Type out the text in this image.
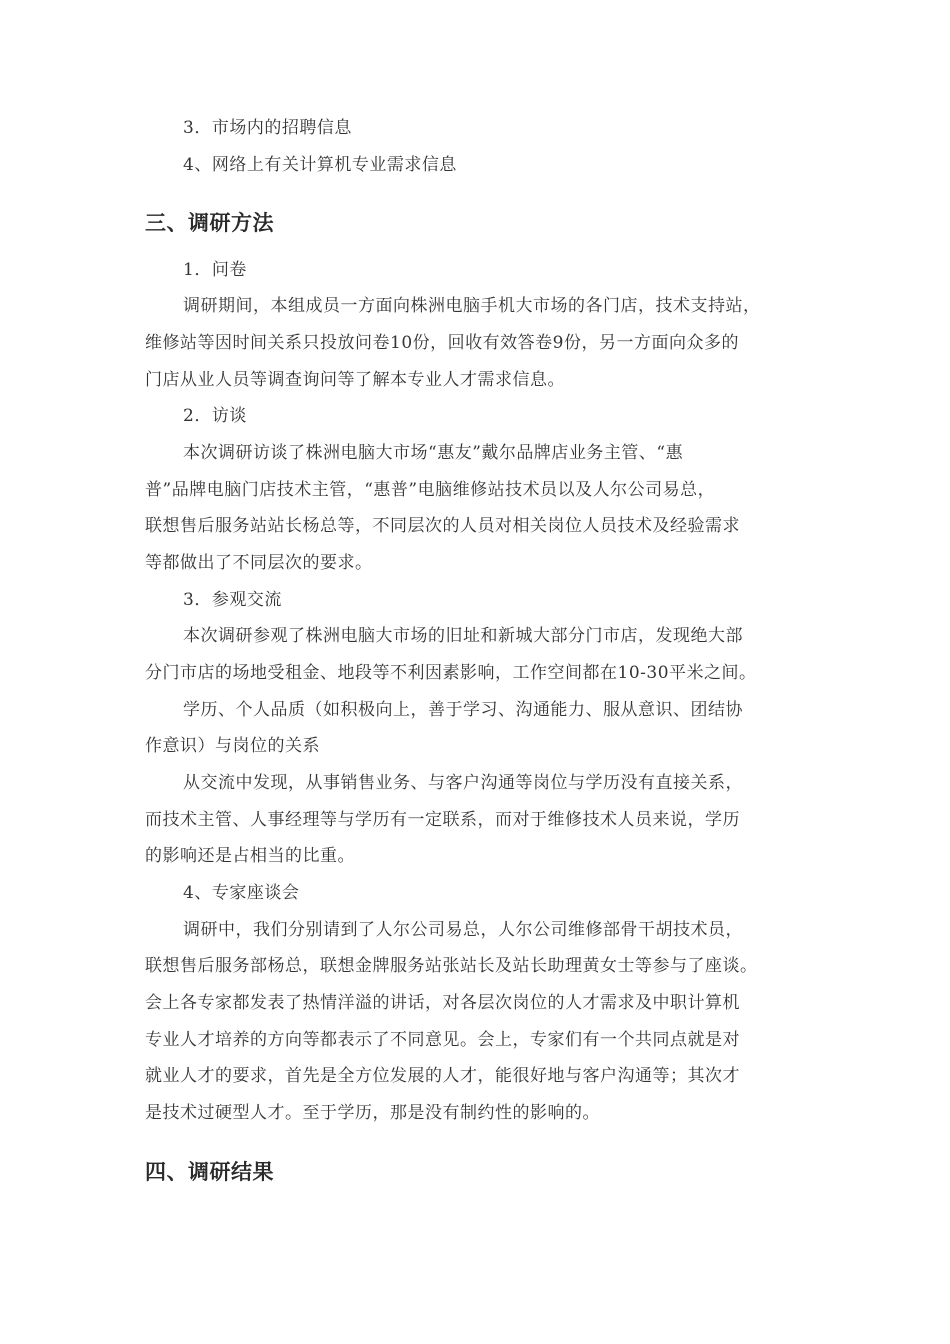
3．市场内的招聘信息
4、网络上有关计算机专业需求信息
三、调研方法
1．问卷
调研期间，本组成员一方面向株洲电脑手机大市场的各门店，技术支持站，
维修站等因时间关系只投放问卷10份，回收有效答卷9份，另一方面向众多的
门店从业人员等调查询问等了解本专业人才需求信息。
2．访谈
本次调研访谈了株洲电脑大市场“惠友”戴尔品牌店业务主管、“惠
普”品牌电脑门店技术主管，“惠普”电脑维修站技术员以及人尔公司易总，
联想售后服务站站长杨总等，不同层次的人员对相关岗位人员技术及经验需求
等都做出了不同层次的要求。
3．参观交流
本次调研参观了株洲电脑大市场的旧址和新城大部分门市店，发现绝大部
分门市店的场地受租金、地段等不利因素影响，工作空间都在10-30平米之间。
学历、个人品质（如积极向上，善于学习、沟通能力、服从意识、团结协
作意识）与岗位的关系
从交流中发现，从事销售业务、与客户沟通等岗位与学历没有直接关系，
而技术主管、人事经理等与学历有一定联系，而对于维修技术人员来说，学历
的影响还是占相当的比重。
4、专家座谈会
调研中，我们分别请到了人尔公司易总，人尔公司维修部骨干胡技术员，
联想售后服务部杨总，联想金牌服务站张站长及站长助理黄女士等参与了座谈。
会上各专家都发表了热情洋溢的讲话，对各层次岗位的人才需求及中职计算机
专业人才培养的方向等都表示了不同意见。会上，专家们有一个共同点就是对
就业人才的要求，首先是全方位发展的人才，能很好地与客户沟通等；其次才
是技术过硬型人才。至于学历，那是没有制约性的影响的。
四、调研结果
